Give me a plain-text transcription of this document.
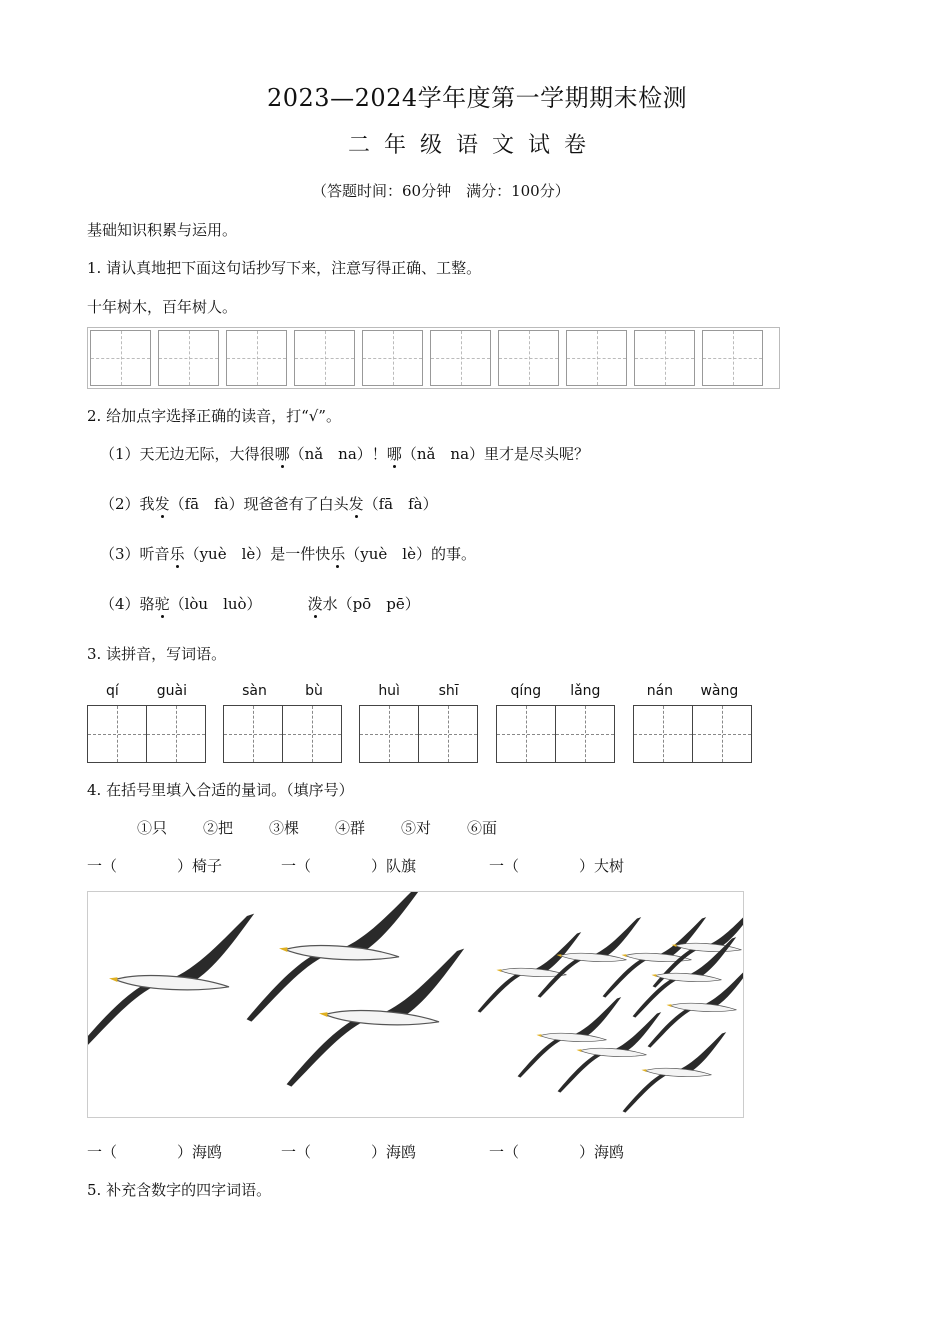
2023—2024学年度第一学期期末检测
二年级语文试卷
（答题时间：60分钟　满分：100分）
基础知识积累与运用。
1. 请认真地把下面这句话抄写下来，注意写得正确、工整。
十年树木，百年树人。
2. 给加点字选择正确的读音，打“√”。
（1）天无边无际，大得很哪（nǎ　na）！哪（nǎ　na）里才是尽头呢？
（2）我发（fā　fà）现爸爸有了白头发（fā　fà）
（3）听音乐（yuè　lè）是一件快乐（yuè　lè）的事。
（4）骆驼（lòu　luò）	泼水（pō　pē）
3. 读拼音，写词语。
qí	guài	sàn	bù	huì	shī	qíng lǎng	nán wàng
4. 在括号里填入合适的量词。（填序号）
①只 ②把 ③棵 ④群 ⑤对 ⑥面
一（　　　　）椅子	一（　　　　）队旗	一（　　　　）大树
一（　　　　）海鸥	一（　　　　）海鸥	一（　　　　）海鸥
5. 补充含数字的四字词语。
